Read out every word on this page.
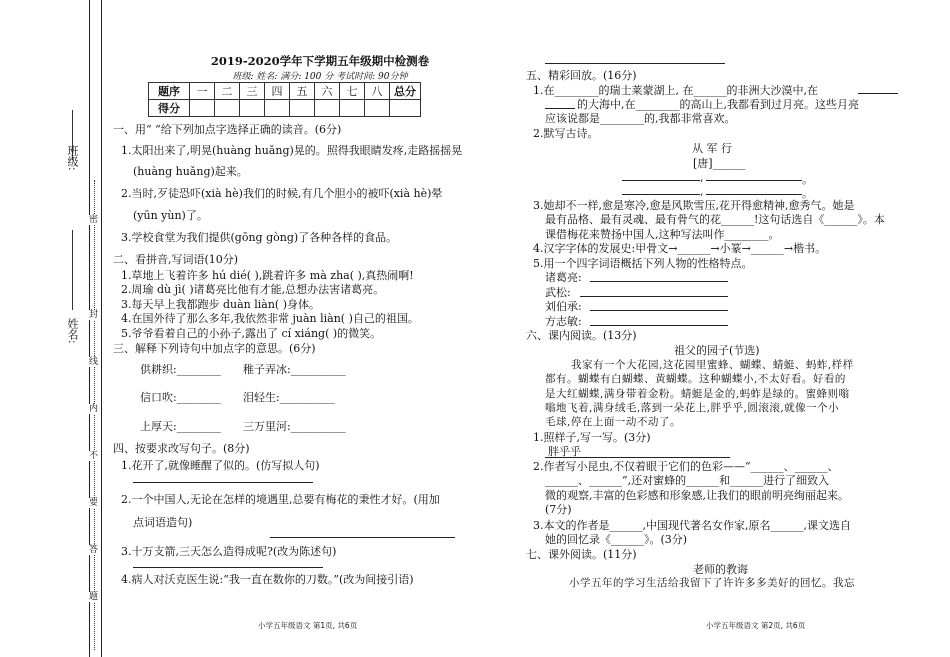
班级:
姓名:
密
封
线
内
不
要
答
题
2019-2020学年下学期五年级期中检测卷
班级: 姓名: 满分: 100 分 考试时间: 90分钟
题序	一	二	三	四	五	六	七	八	总分
得分									
一、用“ ”给下列加点字选择正确的读音。(6分)
1.太阳出来了,明晃(huàng huǎng)晃的。照得我眼睛发疼,走路摇摇晃
(huàng huǎng)起来。
2.当时,歹徒恐吓(xià hè)我们的时候,有几个胆小的被吓(xià hè)晕
(yūn yùn)了。
3.学校食堂为我们提供(gōng gòng)了各种各样的食品。
二、看拼音,写词语(10分)
1.草地上飞着许多 hú dié( ),跳着许多 mà zha( ),真热闹啊!
2.周瑜 dù jì( )诸葛亮比他有才能,总想办法害诸葛亮。
3.每天早上我都跑步 duàn liàn( )身体。
4.在国外待了那么多年,我依然非常 juàn liàn( )自己的祖国。
5.爷爷看着自己的小孙子,露出了 cí xiáng( )的微笑。
三、解释下列诗句中加点字的意思。(6分)
供耕织:________ 稚子弄冰:__________
信口吹:________ 泪轻生:__________
上厚天:________ 三万里河:__________
四、按要求改写句子。(8分)
1.花开了,就像睡醒了似的。(仿写拟人句)
2.一个中国人,无论在怎样的境遇里,总要有梅花的秉性才好。(用加
点词语造句)
3.十万支箭,三天怎么造得成呢?(改为陈述句)
4.病人对沃克医生说:“我一直在数你的刀数。”(改为间接引语)
五、精彩回放。(16分)
1.在________的瑞士莱蒙湖上, 在______的非洲大沙漠中,在
的大海中,在________的高山上,我都看到过月亮。这些月亮
应该说都是________的,我都非常喜欢。
2.默写古诗。
从 军 行
[唐]______
,	。
,	。
3.她却不一样,愈是寒冷,愈是风欺雪压,花开得愈精神,愈秀气。她是
最有品格、最有灵魂、最有骨气的花______!这句话选自《______》。本
课借梅花来赞扬中国人,这种写法叫作________。
4.汉字字体的发展史:甲骨文→______→小篆→______→楷书。
5.用一个四字词语概括下列人物的性格特点。
诸葛亮:
武松:
刘伯承:
方志敏:
六、课内阅读。(13分)
祖父的园子(节选)
我家有一个大花园,这花园里蜜蜂、蝴蝶、蜻蜓、蚂蚱,样样
都有。蝴蝶有白蝴蝶、黄蝴蝶。这种蝴蝶小,不太好看。好看的
是大红蝴蝶,满身带着金粉。蜻蜓是金的,蚂蚱是绿的。蜜蜂则嗡
嗡地飞着,满身绒毛,落到一朵花上,胖乎乎,圆滚滚,就像一个小
毛球,停在上面一动不动了。
1.照样子,写一写。(3分)
胖乎乎
2.作者写小昆虫,不仅着眼于它们的色彩——“______、______、
______、______”,还对蜜蜂的______和______进行了细致入
微的观察,丰富的色彩感和形象感,让我们的眼前明亮绚丽起来。
(7分)
3.本文的作者是______,中国现代著名女作家,原名______,课文选自
她的回忆录《______》。(3分)
七、课外阅读。(11分)
老师的教诲
小学五年的学习生活给我留下了许许多多美好的回忆。我忘
小学五年级语文 第1页, 共6页	小学五年级语文 第2页, 共6页
